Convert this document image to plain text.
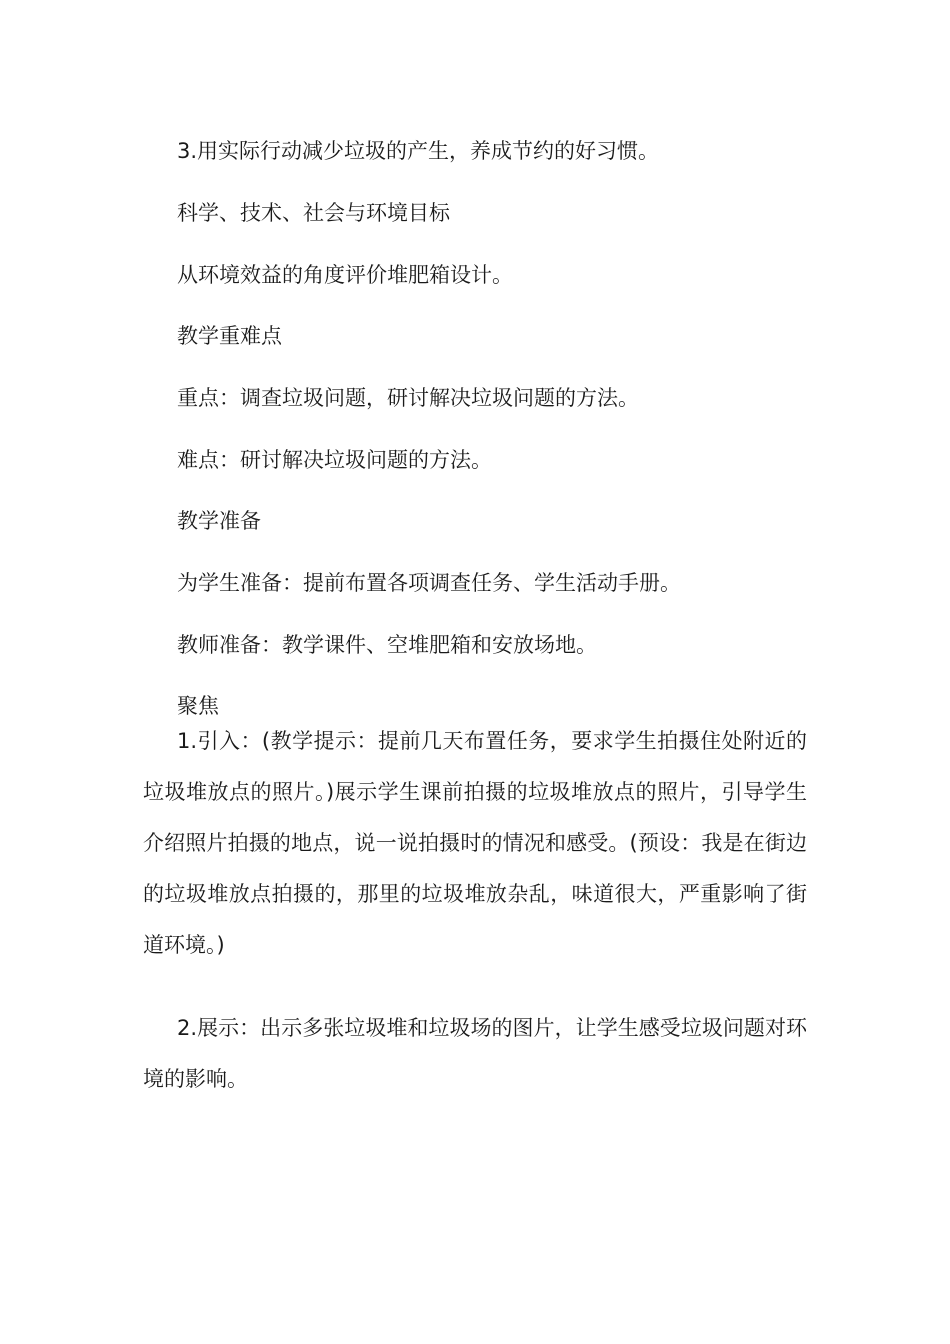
3.用实际行动减少垃圾的产生，养成节约的好习惯。

科学、技术、社会与环境目标

从环境效益的角度评价堆肥箱设计。

教学重难点

重点：调查垃圾问题，研讨解决垃圾问题的方法。

难点：研讨解决垃圾问题的方法。

教学准备

为学生准备：提前布置各项调查任务、学生活动手册。

教师准备：教学课件、空堆肥箱和安放场地。

聚焦

1.引入：(教学提示：提前几天布置任务，要求学生拍摄住处附近的垃圾堆放点的照片。)展示学生课前拍摄的垃圾堆放点的照片，引导学生介绍照片拍摄的地点，说一说拍摄时的情况和感受。(预设：我是在街边的垃圾堆放点拍摄的，那里的垃圾堆放杂乱，味道很大，严重影响了街道环境。)

2.展示：出示多张垃圾堆和垃圾场的图片，让学生感受垃圾问题对环境的影响。
